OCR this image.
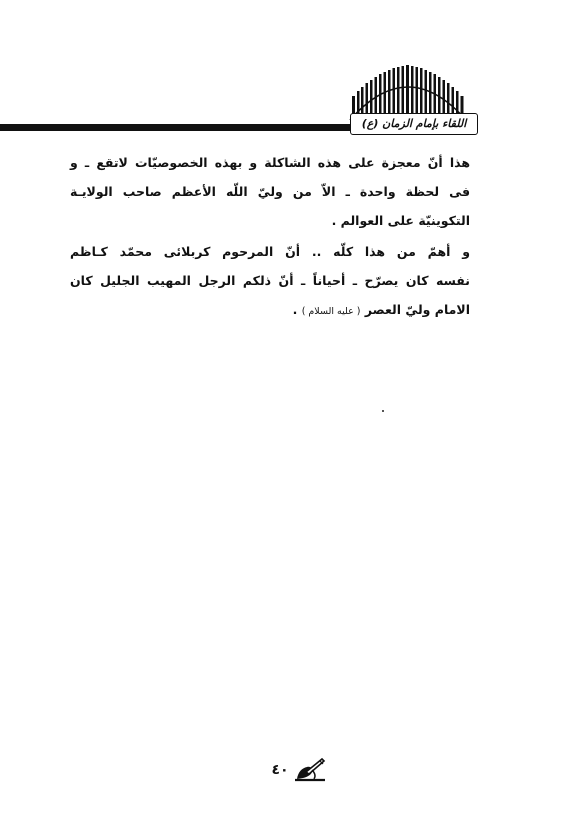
اللقاء بإمام الزمان (ع)

هذا أنّ معجزة على هذه الشاكلة و بهذه الخصوصيّات لاتقع ـ و
فى لحظة واحدة ـ الاّ من وليّ اللّه الأعظم صاحب الولايـة
التكوينيّة على العوالم .

و أهمّ من هذا كلّه .. أنّ المرحوم كربلائى محمّد كـاظم
نفسه كان يصرّح ـ أحياناً ـ أنّ ذلكم الرجل المهيب الجليل كان
الامام وليّ العصر ( عليه السلام ) .

٤٠
